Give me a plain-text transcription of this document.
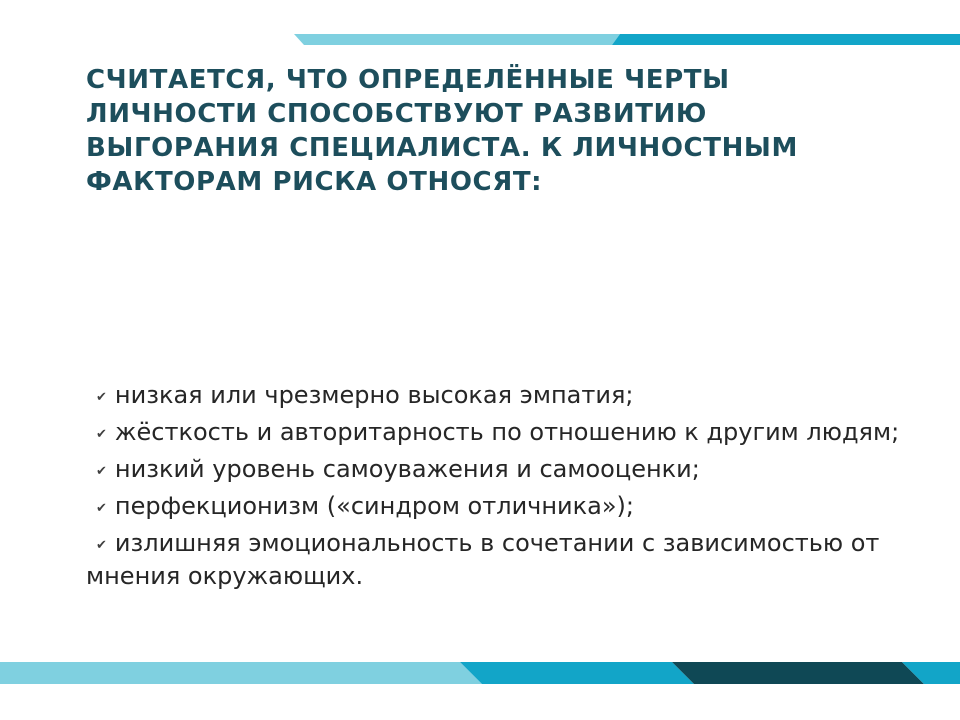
СЧИТАЕТСЯ, ЧТО ОПРЕДЕЛЁННЫЕ ЧЕРТЫ ЛИЧНОСТИ СПОСОБСТВУЮТ РАЗВИТИЮ ВЫГОРАНИЯ СПЕЦИАЛИСТА. К ЛИЧНОСТНЫМ ФАКТОРАМ РИСКА ОТНОСЯТ:
✔ низкая или чрезмерно высокая эмпатия;
✔ жёсткость и авторитарность по отношению к другим людям;
✔ низкий уровень самоуважения и самооценки;
✔ перфекционизм («синдром отличника»);
✔ излишняя эмоциональность в сочетании с зависимостью от мнения окружающих.
